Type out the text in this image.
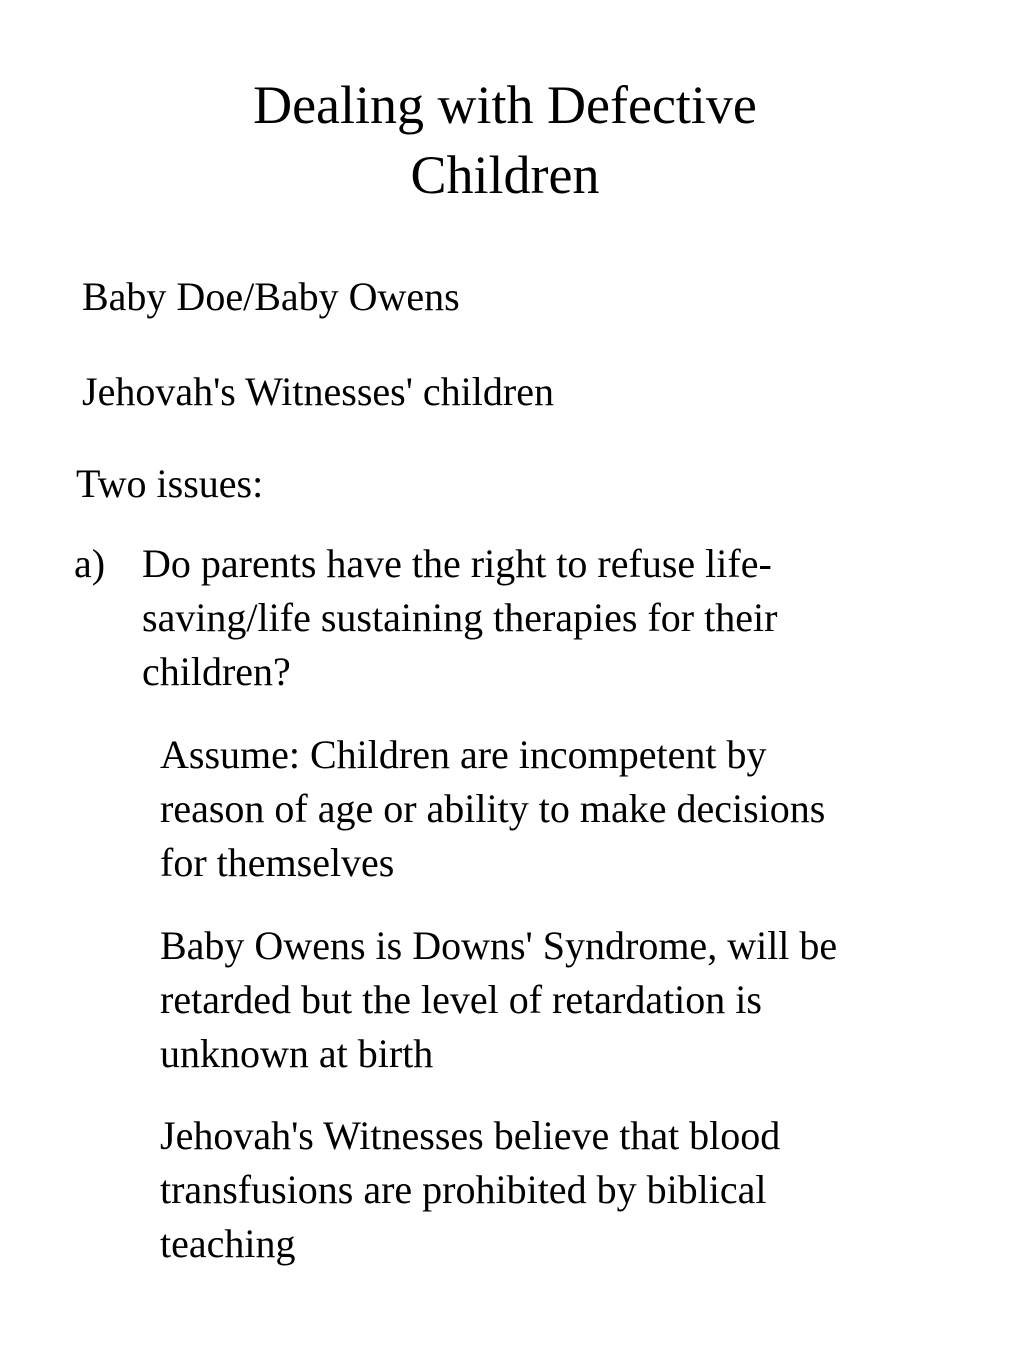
Dealing with Defective
Children

Baby Doe/Baby Owens

Jehovah's Witnesses' children

Two issues:

a) Do parents have the right to refuse life-
saving/life sustaining therapies for their
children?
Assume: Children are incompetent by
reason of age or ability to make decisions
for themselves
Baby Owens is Downs' Syndrome, will be
retarded but the level of retardation is
unknown at birth
Jehovah's Witnesses believe that blood
transfusions are prohibited by biblical
teaching
